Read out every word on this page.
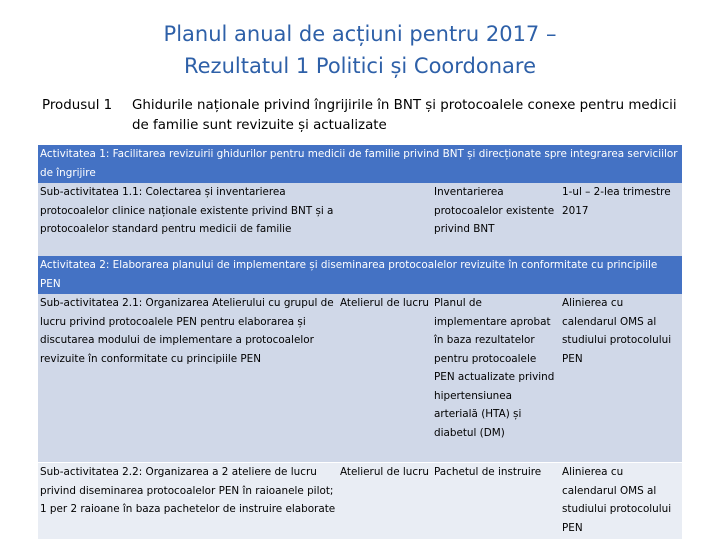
Planul anual de acțiuni pentru 2017 –
Rezultatul 1 Politici și Coordonare
Produsul 1 Ghidurile naționale privind îngrijirile în BNT și protocoalele conexe pentru medicii de familie sunt revizuite și actualizate
Activitatea 1: Facilitarea revizuirii ghidurilor pentru medicii de familie privind BNT și direcționate spre integrarea serviciilor de îngrijire
Sub-activitatea 1.1: Colectarea și inventarierea protocoalelor clinice naționale existente privind BNT și a protocoalelor standard pentru medicii de familie
Inventarierea protocoalelor existente privind BNT
1-ul – 2-lea trimestre 2017
Activitatea 2: Elaborarea planului de implementare și diseminarea protocoalelor revizuite în conformitate cu principiile PEN
Sub-activitatea 2.1: Organizarea Atelierului cu grupul de lucru privind protocoalele PEN pentru elaborarea și discutarea modului de implementare a protocoalelor revizuite în conformitate cu principiile PEN
Atelierul de lucru Planul de implementare aprobat în baza rezultatelor pentru protocoalele PEN actualizate privind hipertensiunea arterială (HTA) și diabetul (DM)
Alinierea cu calendarul OMS al studiului protocolului PEN
Sub-activitatea 2.2: Organizarea a 2 ateliere de lucru privind diseminarea protocoalelor PEN în raioanele pilot; 1 per 2 raioane în baza pachetelor de instruire elaborate
Atelierul de lucru Pachetul de instruire	Alinierea cu calendarul OMS al studiului protocolului PEN
